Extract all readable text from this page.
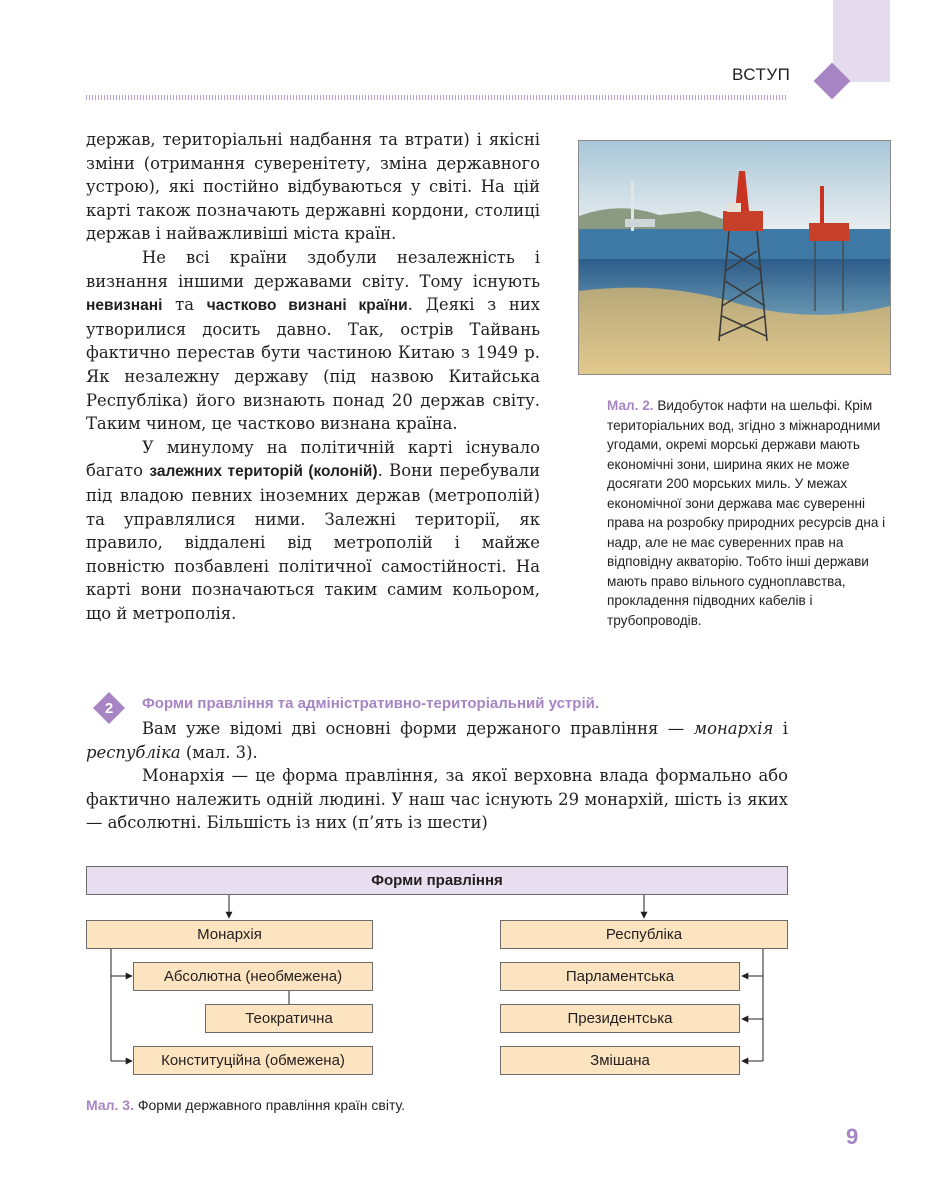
ВСТУП

держав, територіальні надбання та втрати) і якісні зміни (отримання суверенітету, зміна державного устрою), які постійно відбуваються у світі. На цій карті також позначають державні кордони, столиці держав і найважливіші міста країн.

Не всі країни здобули незалежність і визнання іншими державами світу. Тому існують невизнані та частково визнані країни. Деякі з них утворилися досить давно. Так, острів Тайвань фактично перестав бути частиною Китаю з 1949 р. Як незалежну державу (під назвою Китайська Республіка) його визнають понад 20 держав світу. Таким чином, це частково визнана країна.

У минулому на політичній карті існувало багато залежних територій (колоній). Вони перебували під владою певних іноземних держав (метрополій) та управлялися ними. Залежні території, як правило, віддалені від метрополій і майже повністю позбавлені політичної самостійності. На карті вони позначаються таким самим кольором, що й метрополія.

Мал. 2. Видобуток нафти на шельфі. Крім територіальних вод, згідно з міжнародними угодами, окремі морські держави мають економічні зони, ширина яких не може досягати 200 морських миль. У межах економічної зони держава має суверенні права на розробку природних ресурсів дна і надр, але не має суверенних прав на відповідну акваторію. Тобто інші держави мають право вільного судноплавства, прокладення підводних кабелів і трубопроводів.
2 Форми правління та адміністративно-територіальний устрій.

Вам уже відомі дві основні форми держаного правління — монархія і республіка (мал. 3).

Монархія — це форма правління, за якої верховна влада формально або фактично належить одній людині. У наш час існують 29 монархій, шість із яких — абсолютні. Більшість із них (п’ять із шести)

Форми правління
Монархія	Республіка
Абсолютна (необмежена)
Теократична
Конституційна (обмежена)
Парламентська
Президентська
Змішана
Мал. 3. Форми державного правління країн світу.
9
